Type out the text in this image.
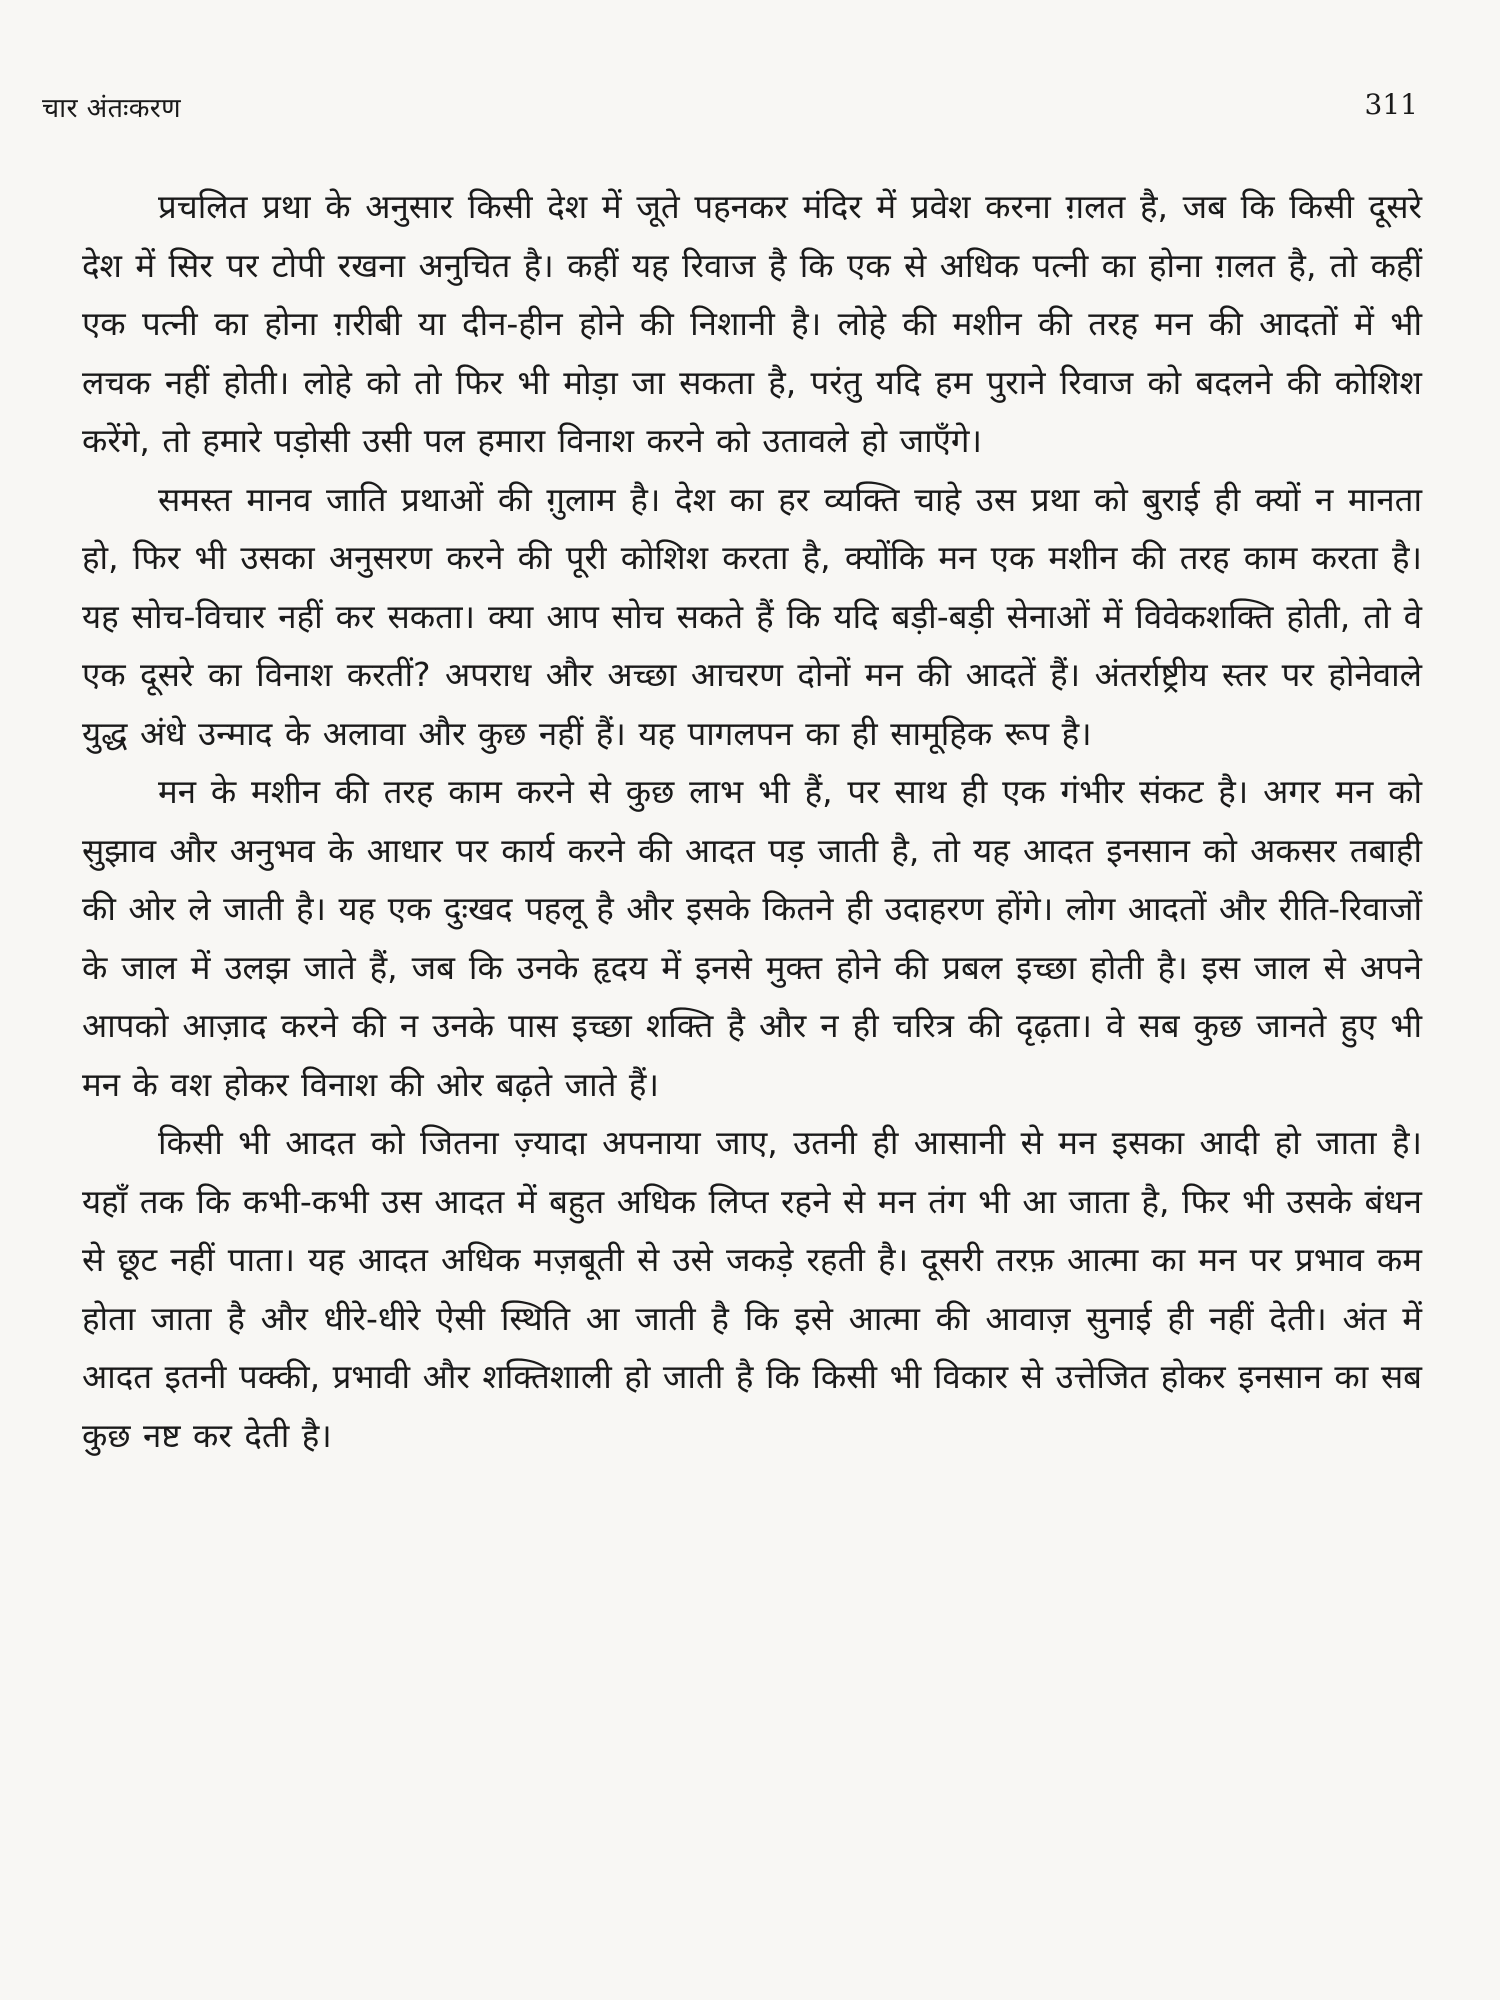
चार अंतःकरण	311

प्रचलित प्रथा के अनुसार किसी देश में जूते पहनकर मंदिर में प्रवेश करना ग़लत है, जब कि किसी दूसरे देश में सिर पर टोपी रखना अनुचित है। कहीं यह रिवाज है कि एक से अधिक पत्नी का होना ग़लत है, तो कहीं एक पत्नी का होना ग़रीबी या दीन-हीन होने की निशानी है। लोहे की मशीन की तरह मन की आदतों में भी लचक नहीं होती। लोहे को तो फिर भी मोड़ा जा सकता है, परंतु यदि हम पुराने रिवाज को बदलने की कोशिश करेंगे, तो हमारे पड़ोसी उसी पल हमारा विनाश करने को उतावले हो जाएँगे।

समस्त मानव जाति प्रथाओं की ग़ुलाम है। देश का हर व्यक्ति चाहे उस प्रथा को बुराई ही क्यों न मानता हो, फिर भी उसका अनुसरण करने की पूरी कोशिश करता है, क्योंकि मन एक मशीन की तरह काम करता है। यह सोच-विचार नहीं कर सकता। क्या आप सोच सकते हैं कि यदि बड़ी-बड़ी सेनाओं में विवेकशक्ति होती, तो वे एक दूसरे का विनाश करतीं? अपराध और अच्छा आचरण दोनों मन की आदतें हैं। अंतर्राष्ट्रीय स्तर पर होनेवाले युद्ध अंधे उन्माद के अलावा और कुछ नहीं हैं। यह पागलपन का ही सामूहिक रूप है।

मन के मशीन की तरह काम करने से कुछ लाभ भी हैं, पर साथ ही एक गंभीर संकट है। अगर मन को सुझाव और अनुभव के आधार पर कार्य करने की आदत पड़ जाती है, तो यह आदत इनसान को अकसर तबाही की ओर ले जाती है। यह एक दुःखद पहलू है और इसके कितने ही उदाहरण होंगे। लोग आदतों और रीति-रिवाजों के जाल में उलझ जाते हैं, जब कि उनके हृदय में इनसे मुक्त होने की प्रबल इच्छा होती है। इस जाल से अपने आपको आज़ाद करने की न उनके पास इच्छा शक्ति है और न ही चरित्र की दृढ़ता। वे सब कुछ जानते हुए भी मन के वश होकर विनाश की ओर बढ़ते जाते हैं।

किसी भी आदत को जितना ज़्यादा अपनाया जाए, उतनी ही आसानी से मन इसका आदी हो जाता है। यहाँ तक कि कभी-कभी उस आदत में बहुत अधिक लिप्त रहने से मन तंग भी आ जाता है, फिर भी उसके बंधन से छूट नहीं पाता। यह आदत अधिक मज़बूती से उसे जकड़े रहती है। दूसरी तरफ़ आत्मा का मन पर प्रभाव कम होता जाता है और धीरे-धीरे ऐसी स्थिति आ जाती है कि इसे आत्मा की आवाज़ सुनाई ही नहीं देती। अंत में आदत इतनी पक्की, प्रभावी और शक्तिशाली हो जाती है कि किसी भी विकार से उत्तेजित होकर इनसान का सब कुछ नष्ट कर देती है।
